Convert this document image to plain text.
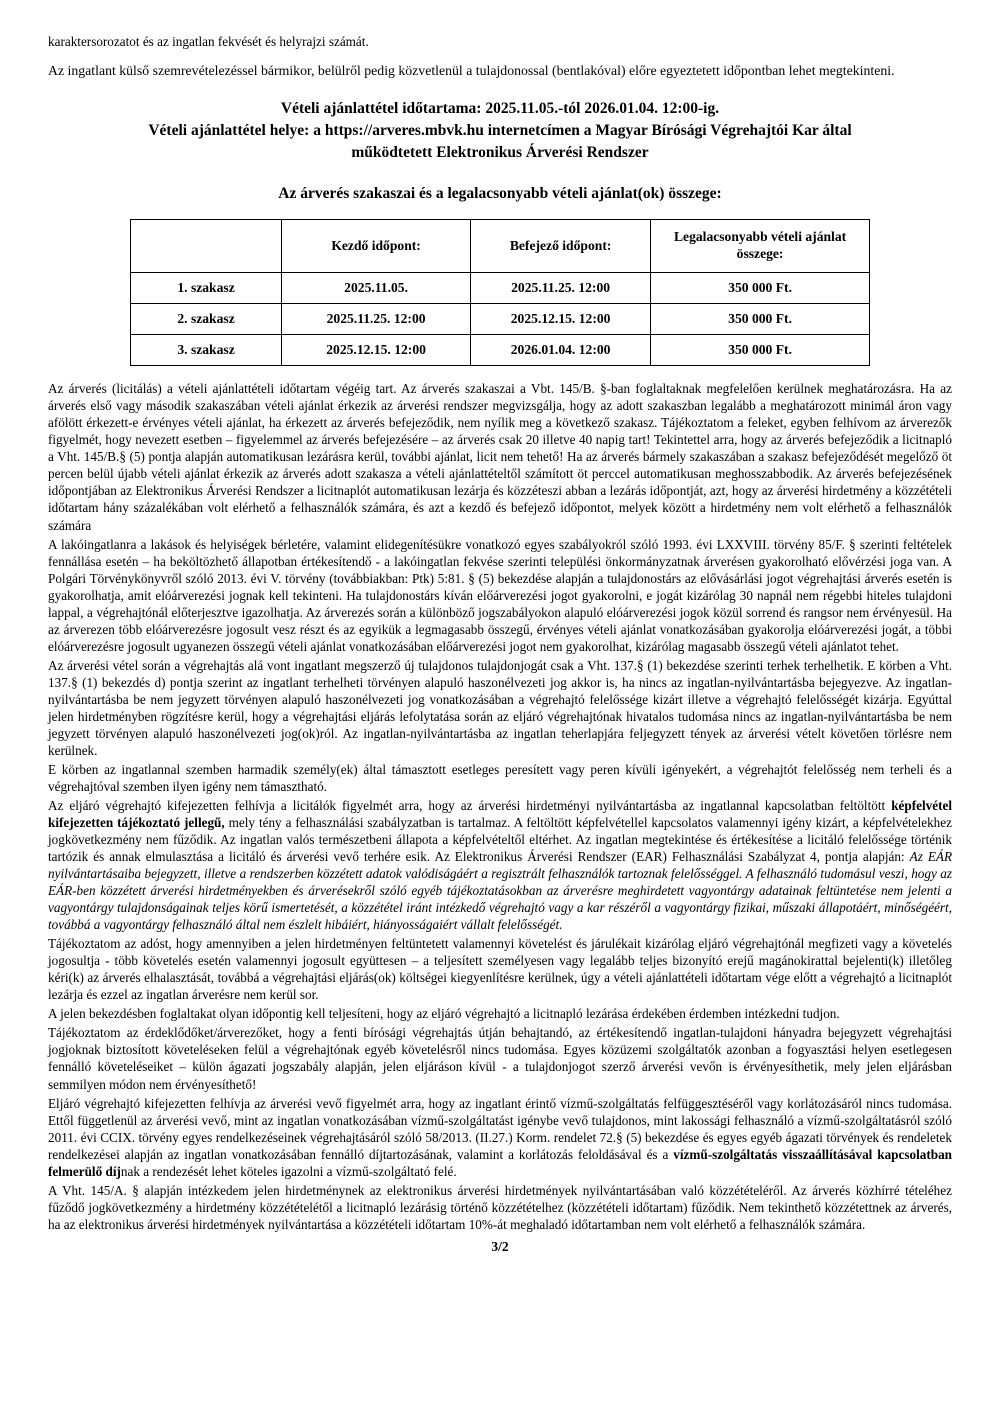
karaktersorozatot és az ingatlan fekvését és helyrajzi számát.

Az ingatlant külső szemrevételezéssel bármikor, belülről pedig közvetlenül a tulajdonossal (bentlakóval) előre egyeztetett időpontban lehet megtekinteni.

Vételi ajánlattétel időtartama: 2025.11.05.-tól 2026.01.04. 12:00-ig.
Vételi ajánlattétel helye: a https://arveres.mbvk.hu internetcímen a Magyar Bírósági Végrehajtói Kar által
működtetett Elektronikus Árverési Rendszer
Az árverés szakaszai és a legalacsonyabb vételi ajánlat(ok) összege:
	Kezdő időpont:	Befejező időpont:	Legalacsonyabb vételi ajánlat összege:
1. szakasz	2025.11.05.	2025.11.25. 12:00	350 000 Ft.
2. szakasz	2025.11.25. 12:00	2025.12.15. 12:00	350 000 Ft.
3. szakasz	2025.12.15. 12:00	2026.01.04. 12:00	350 000 Ft.

Az árverés (licitálás) a vételi ajánlattételi időtartam végéig tart. Az árverés szakaszai a Vbt. 145/B. §-ban foglaltaknak megfelelően kerülnek meghatározásra. Ha az árverés első vagy második szakaszában vételi ajánlat érkezik az árverési rendszer megvizsgálja, hogy az adott szakaszban legalább a meghatározott minimál áron vagy afölött érkezett-e érvényes vételi ajánlat, ha érkezett az árverés befejeződik, nem nyílik meg a következő szakasz. Tájékoztatom a feleket, egyben felhívom az árverezők figyelmét, hogy nevezett esetben – figyelemmel az árverés befejezésére – az árverés csak 20 illetve 40 napig tart! Tekintettel arra, hogy az árverés befejeződik a licitnapló a Vht. 145/B.§ (5) pontja alapján automatikusan lezárásra kerül, további ajánlat, licit nem tehető! Ha az árverés bármely szakaszában a szakasz befejeződését megelőző öt percen belül újabb vételi ajánlat érkezik az árverés adott szakasza a vételi ajánlattételtől számított öt perccel automatikusan meghosszabbodik. Az árverés befejezésének időpontjában az Elektronikus Árverési Rendszer a licitnaplót automatikusan lezárja és közzéteszi abban a lezárás időpontját, azt, hogy az árverési hirdetmény a közzétételi időtartam hány százalékában volt elérhető a felhasználók számára, és azt a kezdő és befejező időpontot, melyek között a hirdetmény nem volt elérhető a felhasználók számára

A lakóingatlanra a lakások és helyiségek bérletére, valamint elidegenítésükre vonatkozó egyes szabályokról szóló 1993. évi LXXVIII. törvény 85/F. § szerinti feltételek fennállása esetén – ha beköltözhető állapotban értékesítendő - a lakóingatlan fekvése szerinti települési önkormányzatnak árverésen gyakorolható elővérzési joga van. A Polgári Törvénykönyvről szóló 2013. évi V. törvény (továbbiakban: Ptk) 5:81. § (5) bekezdése alapján a tulajdonostárs az elővásárlási jogot végrehajtási árverés esetén is gyakorolhatja, amit elóárverezési jognak kell tekinteni. Ha tulajdonostárs kíván előárverezési jogot gyakorolni, e jogát kizárólag 30 napnál nem régebbi hiteles tulajdoni lappal, a végrehajtónál előterjesztve igazolhatja. Az árverezés során a különböző jogszabályokon alapuló elóárverezési jogok közül sorrend és rangsor nem érvényesül. Ha az árverezen több elóárverezésre jogosult vesz részt és az egyikük a legmagasabb összegű, érvényes vételi ajánlat vonatkozásában gyakorolja elóárverezési jogát, a többi elóárverezésre jogosult ugyanezen összegű vételi ajánlat vonatkozásában előárverezési jogot nem gyakorolhat, kizárólag magasabb összegű vételi ajánlatot tehet.

Az árverési vétel során a végrehajtás alá vont ingatlant megszerző új tulajdonos tulajdonjogát csak a Vht. 137.§ (1) bekezdése szerinti terhek terhelhetik. E körben a Vht. 137.§ (1) bekezdés d) pontja szerint az ingatlant terhelheti törvényen alapuló haszonélvezeti jog akkor is, ha nincs az ingatlan-nyilvántartásba bejegyezve. Az ingatlan-nyilvántartásba be nem jegyzett törvényen alapuló haszonélvezeti jog vonatkozásában a végrehajtó felelőssége kizárt illetve a végrehajtó felelősségét kizárja. Egyúttal jelen hirdetményben rögzítésre kerül, hogy a végrehajtási eljárás lefolytatása során az eljáró végrehajtónak hivatalos tudomása nincs az ingatlan-nyilvántartásba be nem jegyzett törvényen alapuló haszonélvezeti jog(ok)ról. Az ingatlan-nyilvántartásba az ingatlan teherlapjára feljegyzett tények az árverési vételt követően törlésre nem kerülnek.

E körben az ingatlannal szemben harmadik személy(ek) által támasztott esetleges peresített vagy peren kívüli igényekért, a végrehajtót felelősség nem terheli és a végrehajtóval szemben ilyen igény nem támasztható.

Az eljáró végrehajtó kifejezetten felhívja a licitálók figyelmét arra, hogy az árverési hirdetményi nyilvántartásba az ingatlannal kapcsolatban feltöltött képfelvétel kifejezetten tájékoztató jellegű, mely tény a felhasználási szabályzatban is tartalmaz. A feltöltött képfelvétellel kapcsolatos valamennyi igény kizárt, a képfelvételekhez jogkövetkezmény nem fűződik. Az ingatlan valós természetbeni állapota a képfelvételtől eltérhet. Az ingatlan megtekintése és értékesítése a licitáló felelőssége történik tartózik és annak elmulasztása a licitáló és árverési vevő terhére esik. Az Elektronikus Árverési Rendszer (EAR) Felhasználási Szabályzat 4, pontja alapján: Az EÁR nyilvántartásaiba bejegyzett, illetve a rendszerben közzétett adatok valódiságáért a regisztrált felhasználók tartoznak felelősséggel. A felhasználó tudomásul veszi, hogy az EÁR-ben közzétett árverési hirdetményekben és árverésekről szóló egyéb tájékoztatásokban az árverésre meghirdetett vagyontárgy adatainak feltüntetése nem jelenti a vagyontárgy tulajdonságainak teljes körű ismertetését, a közzététel iránt intézkedő végrehajtó vagy a kar részéről a vagyontárgy fizikai, műszaki állapotáért, minőségéért, továbbá a vagyontárgy felhasználó által nem észlelt hibáiért, hiányosságaiért vállalt felelősségét.

Tájékoztatom az adóst, hogy amennyiben a jelen hirdetményen feltüntetett valamennyi követelést és járulékait kizárólag eljáró végrehajtónál megfizeti vagy a követelés jogosultja - több követelés esetén valamennyi jogosult együttesen – a teljesített személyesen vagy legalább teljes bizonyító erejű magánokirattal bejelenti(k) illetőleg kéri(k) az árverés elhalasztását, továbbá a végrehajtási eljárás(ok) költségei kiegyenlítésre kerülnek, úgy a vételi ajánlattételi időtartam vége előtt a végrehajtó a licitnaplót lezárja és ezzel az ingatlan árverésre nem kerül sor.

A jelen bekezdésben foglaltakat olyan időpontig kell teljesíteni, hogy az eljáró végrehajtó a licitnapló lezárása érdekében érdemben intézkedni tudjon.

Tájékoztatom az érdeklődőket/árverezőket, hogy a fenti bírósági végrehajtás útján behajtandó, az értékesítendő ingatlan-tulajdoni hányadra bejegyzett végrehajtási jogjoknak biztosított követeléseken felül a végrehajtónak egyéb követelésről nincs tudomása. Egyes közüzemi szolgáltatók azonban a fogyasztási helyen esetlegesen fennálló követeléseiket – külön ágazati jogszabály alapján, jelen eljáráson kívül - a tulajdonjogot szerző árverési vevőn is érvényesíthetik, mely jelen eljárásban semmilyen módon nem érvényesíthető!

Eljáró végrehajtó kifejezetten felhívja az árverési vevő figyelmét arra, hogy az ingatlant érintő vízmű-szolgáltatás felfüggesztéséről vagy korlátozásáról nincs tudomása. Ettől függetlenül az árverési vevő, mint az ingatlan vonatkozásában vízmű-szolgáltatást igénybe vevő tulajdonos, mint lakossági felhasználó a vízmű-szolgáltatásról szóló 2011. évi CCIX. törvény egyes rendelkezéseinek végrehajtásáról szóló 58/2013. (II.27.) Korm. rendelet 72.§ (5) bekezdése és egyes egyéb ágazati törvények és rendeletek rendelkezései alapján az ingatlan vonatkozásában fennálló díjtartozásának, valamint a korlátozás feloldásával és a vízmű-szolgáltatás visszaállításával kapcsolatban felmerülő díjnak a rendezését lehet köteles igazolni a vízmű-szolgáltató felé.

A Vht. 145/A. § alapján intézkedem jelen hirdetménynek az elektronikus árverési hirdetmények nyilvántartásában való közzétételéről. Az árverés közhírré tételéhez fűződő jogkövetkezmény a hirdetmény közzétételétől a licitnapló lezárásig történő közzétételhez (közzétételi időtartam) fűződik. Nem tekinthető közzétettnek az árverés, ha az elektronikus árverési hirdetmények nyilvántartása a közzétételi időtartam 10%-át meghaladó időtartamban nem volt elérhető a felhasználók számára.

3/2
